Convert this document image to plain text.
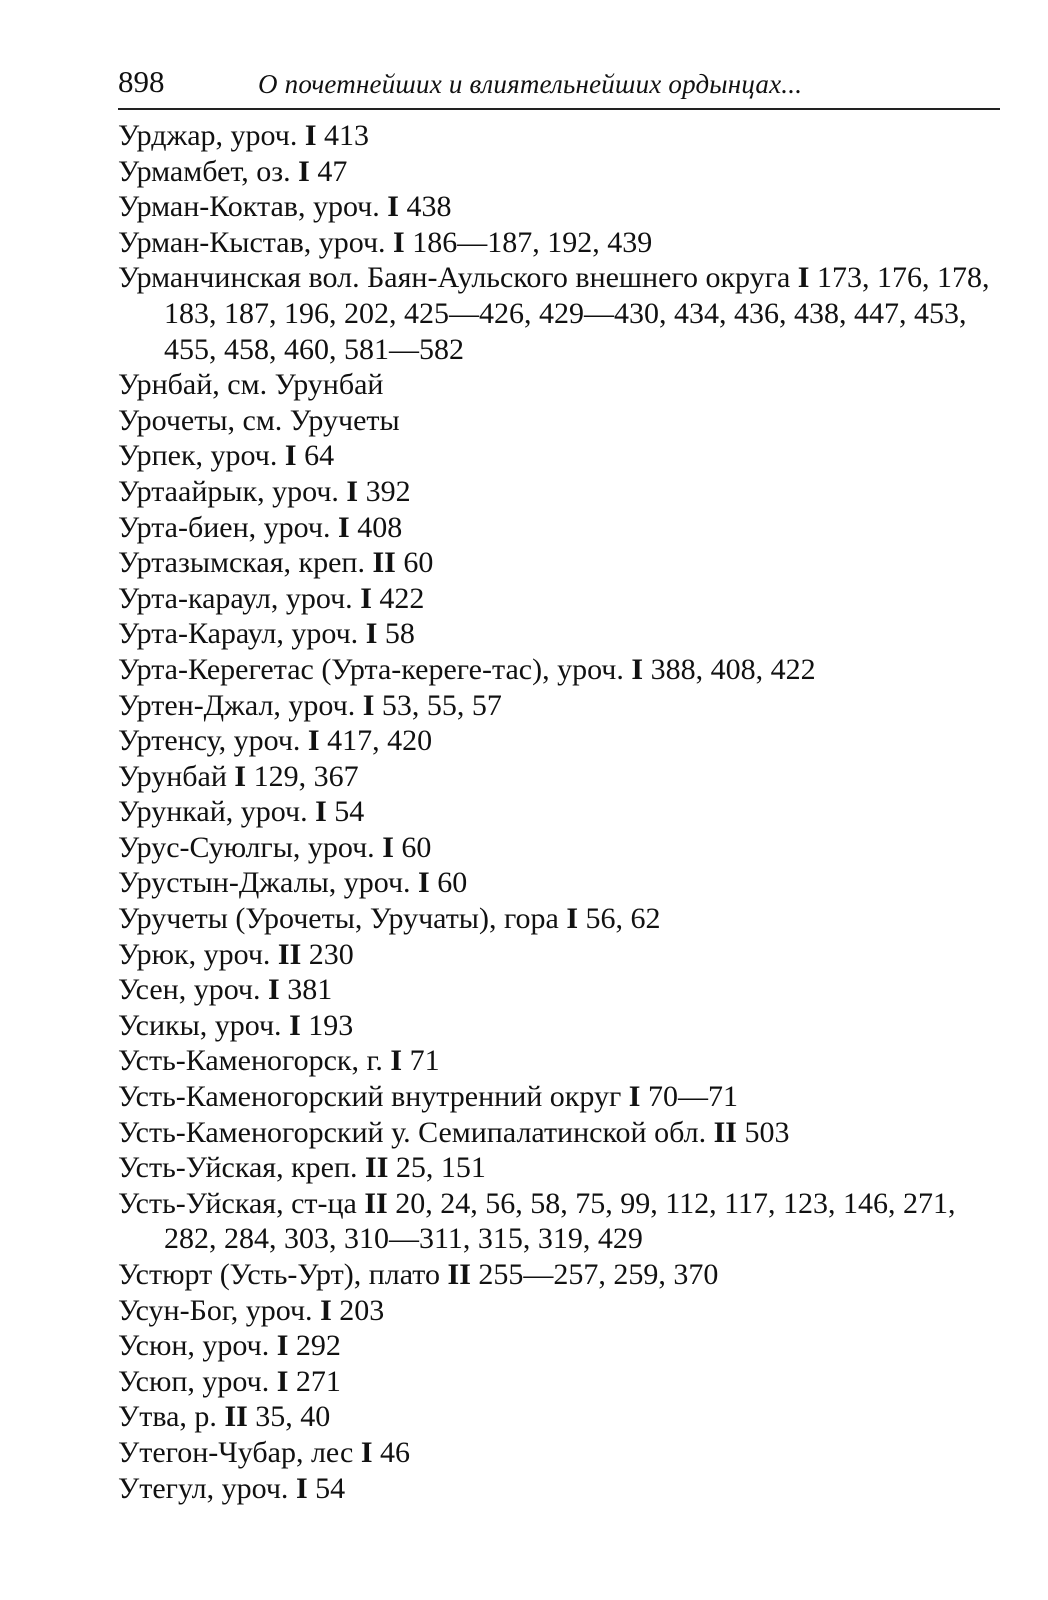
898	О почетнейших и влиятельнейших ордынцах...
Урджар, уроч. I 413
Урмамбет, оз. I 47
Урман-Коктав, уроч. I 438
Урман-Кыстав, уроч. I 186—187, 192, 439
Урманчинская вол. Баян-Аульского внешнего округа I 173, 176, 178, 183, 187, 196, 202, 425—426, 429—430, 434, 436, 438, 447, 453, 455, 458, 460, 581—582
Урнбай, см. Урунбай
Урочеты, см. Уручеты
Урпек, уроч. I 64
Уртаайрык, уроч. I 392
Урта-биен, уроч. I 408
Уртазымская, креп. II 60
Урта-караул, уроч. I 422
Урта-Караул, уроч. I 58
Урта-Керегетас (Урта-кереге-тас), уроч. I 388, 408, 422
Уртен-Джал, уроч. I 53, 55, 57
Уртенсу, уроч. I 417, 420
Урунбай I 129, 367
Урункай, уроч. I 54
Урус-Суюлгы, уроч. I 60
Урустын-Джалы, уроч. I 60
Уручеты (Урочеты, Уручаты), гора I 56, 62
Урюк, уроч. II 230
Усен, уроч. I 381
Усикы, уроч. I 193
Усть-Каменогорск, г. I 71
Усть-Каменогорский внутренний округ I 70—71
Усть-Каменогорский у. Семипалатинской обл. II 503
Усть-Уйская, креп. II 25, 151
Усть-Уйская, ст-ца II 20, 24, 56, 58, 75, 99, 112, 117, 123, 146, 271, 282, 284, 303, 310—311, 315, 319, 429
Устюрт (Усть-Урт), плато II 255—257, 259, 370
Усун-Бог, уроч. I 203
Усюн, уроч. I 292
Усюп, уроч. I 271
Утва, р. II 35, 40
Утегон-Чубар, лес I 46
Утегул, уроч. I 54
